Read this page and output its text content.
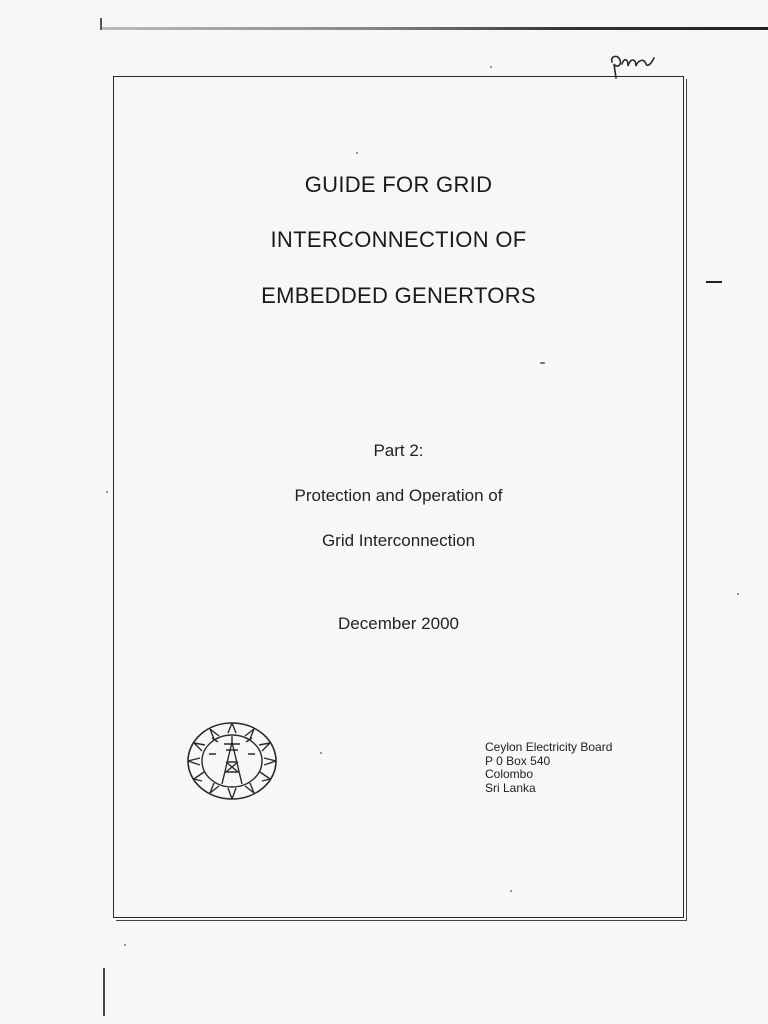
GUIDE FOR GRID
INTERCONNECTION OF
EMBEDDED GENERTORS
Part 2:
Protection and Operation of
Grid Interconnection
December 2000
Ceylon Electricity Board
P 0 Box 540
Colombo
Sri Lanka
